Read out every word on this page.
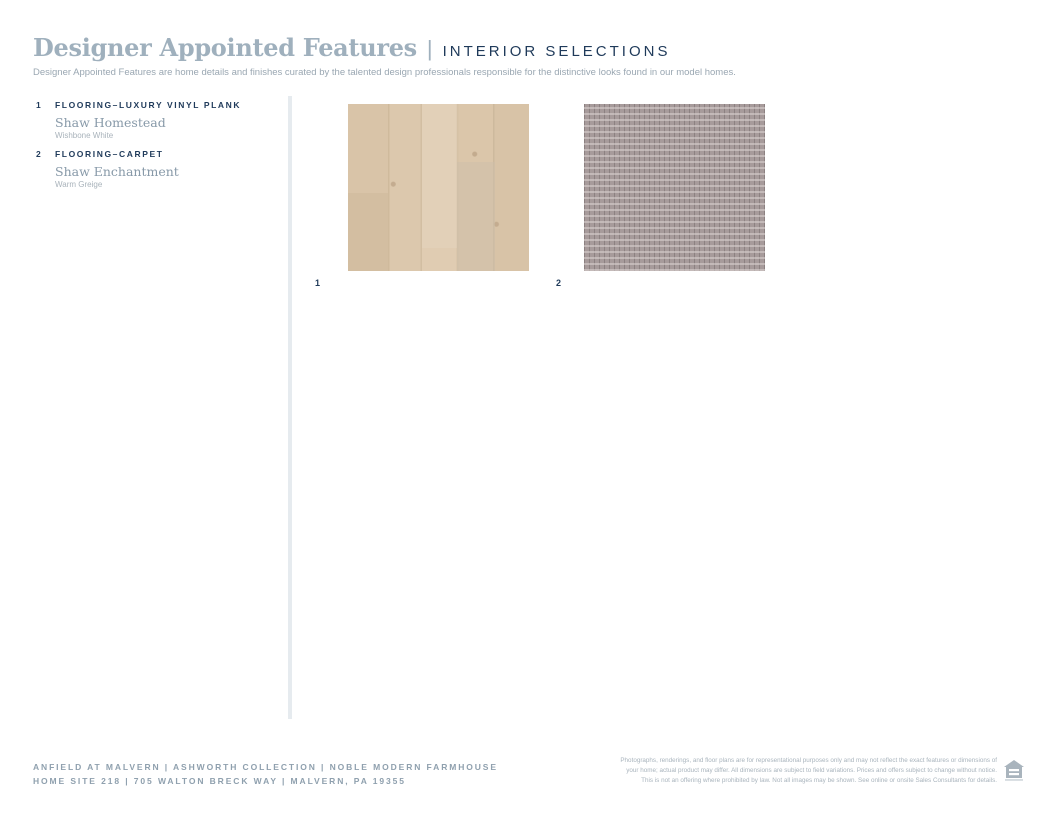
Designer Appointed Features | INTERIOR SELECTIONS
Designer Appointed Features are home details and finishes curated by the talented design professionals responsible for the distinctive looks found in our model homes.
1	FLOORING–LUXURY VINYL PLANK
Shaw Homestead
Wishbone White
2	FLOORING–CARPET
Shaw Enchantment
Warm Greige
1	2
ANFIELD AT MALVERN | ASHWORTH COLLECTION | NOBLE MODERN FARMHOUSE
HOME SITE 218 | 705 WALTON BRECK WAY | MALVERN, PA 19355
Photographs, renderings, and floor plans are for representational purposes only and may not reflect the exact features or dimensions of
your home; actual product may differ. All dimensions are subject to field variations. Prices and offers subject to change without notice.
This is not an offering where prohibited by law. Not all images may be shown. See online or onsite Sales Consultants for details.
